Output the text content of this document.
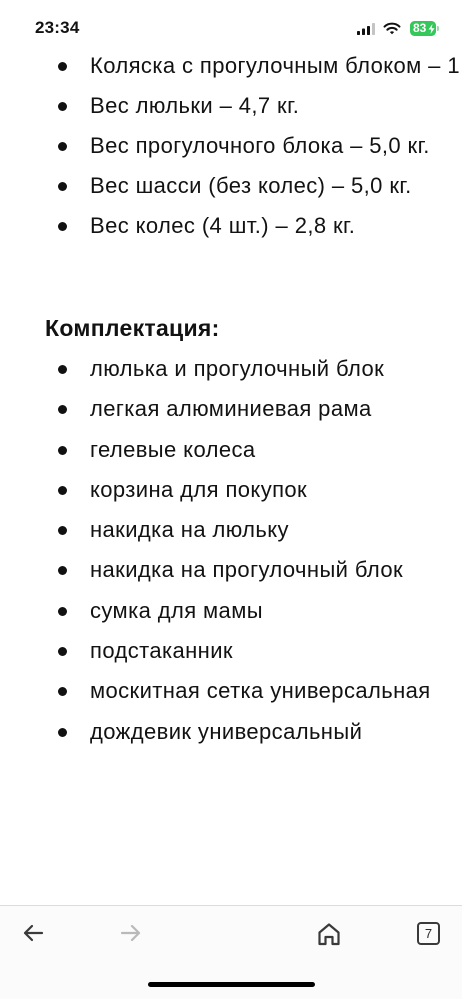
23:34	83
Коляска с прогулочным блоком – 1
Вес люльки – 4,7 кг.
Вес прогулочного блока – 5,0 кг.
Вес шасси (без колес) – 5,0 кг.
Вес колес (4 шт.) – 2,8 кг.
Комплектация:
люлька и прогулочный блок
легкая алюминиевая рама
гелевые колеса
корзина для покупок
накидка на люльку
накидка на прогулочный блок
сумка для мамы
подстаканник
москитная сетка универсальная
дождевик универсальный
7
